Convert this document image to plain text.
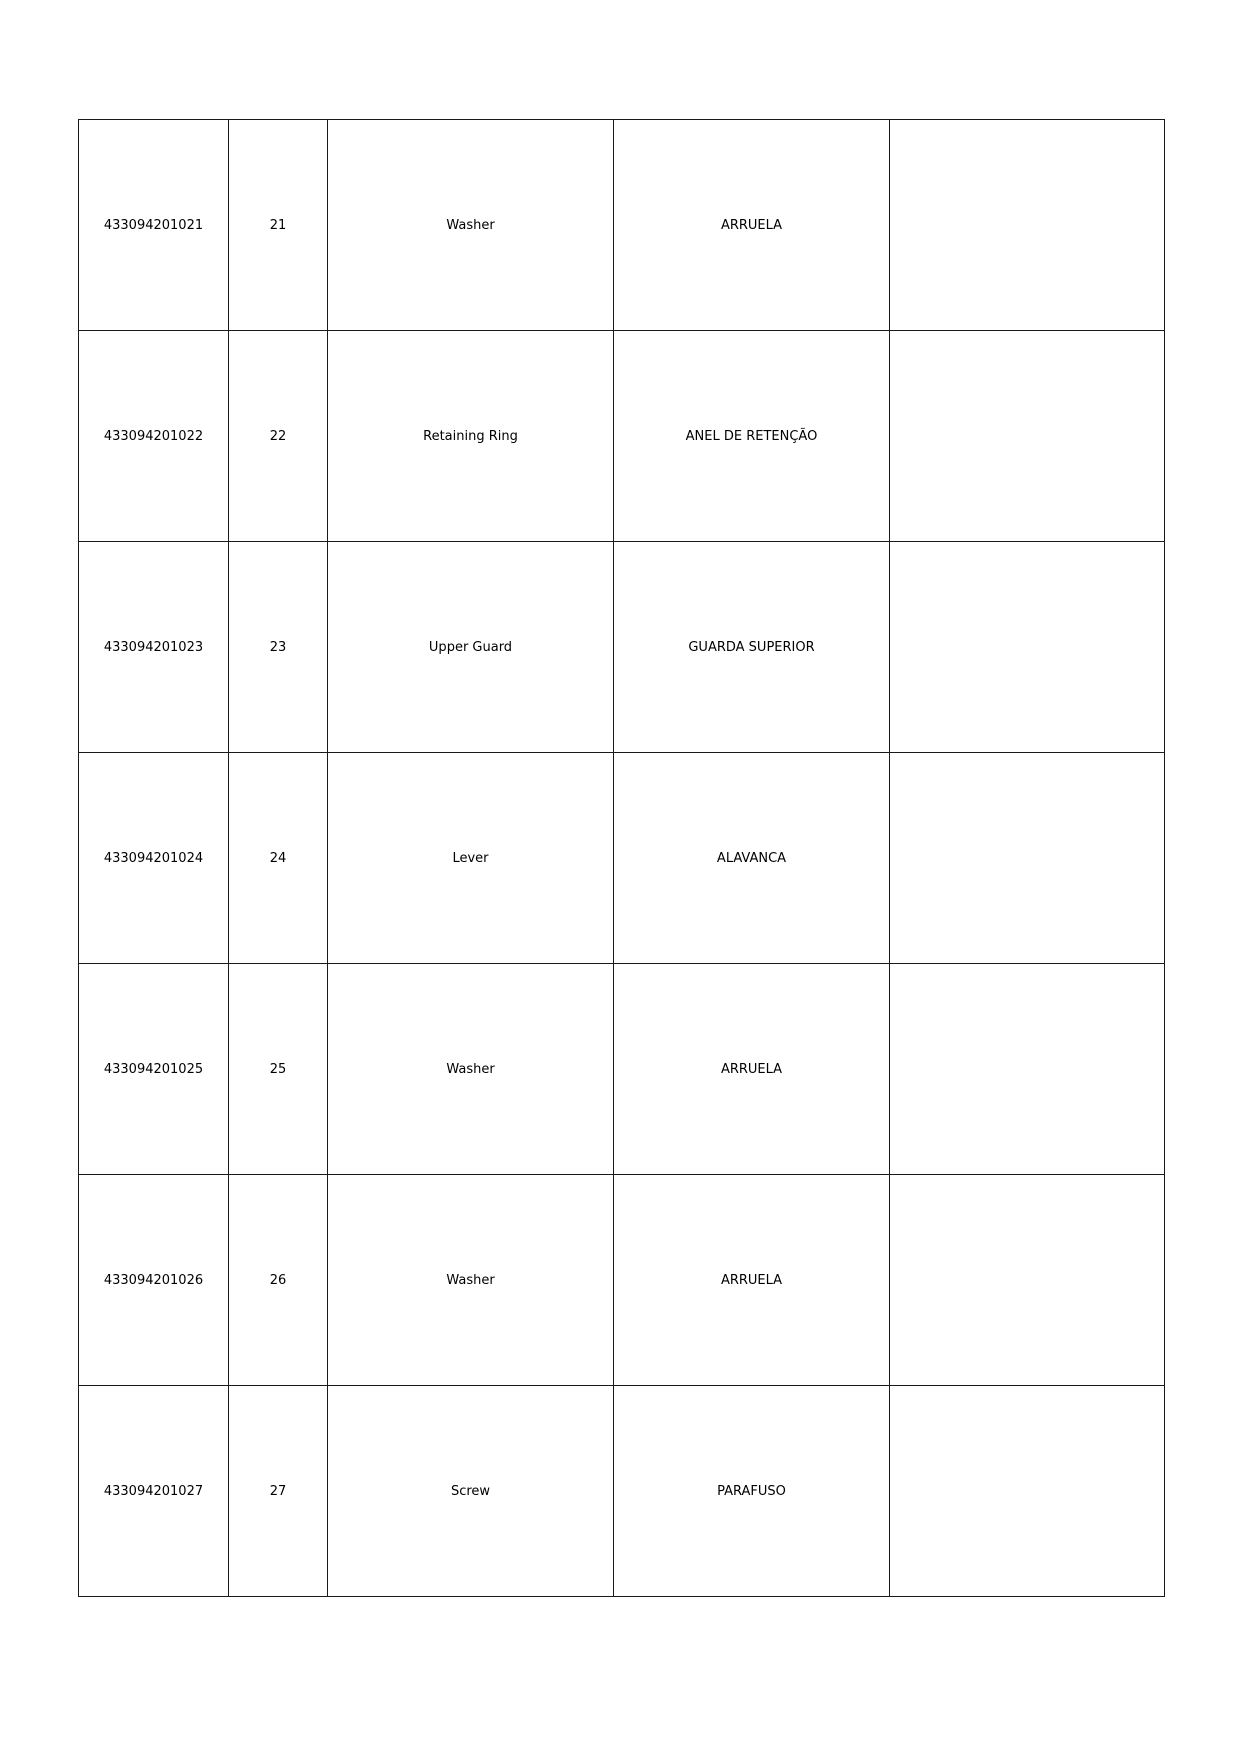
433094201021	21	Washer	ARRUELA	
433094201022	22	Retaining Ring	ANEL DE RETENÇÃO	
433094201023	23	Upper Guard	GUARDA SUPERIOR	
433094201024	24	Lever	ALAVANCA	
433094201025	25	Washer	ARRUELA	
433094201026	26	Washer	ARRUELA	
433094201027	27	Screw	PARAFUSO	
